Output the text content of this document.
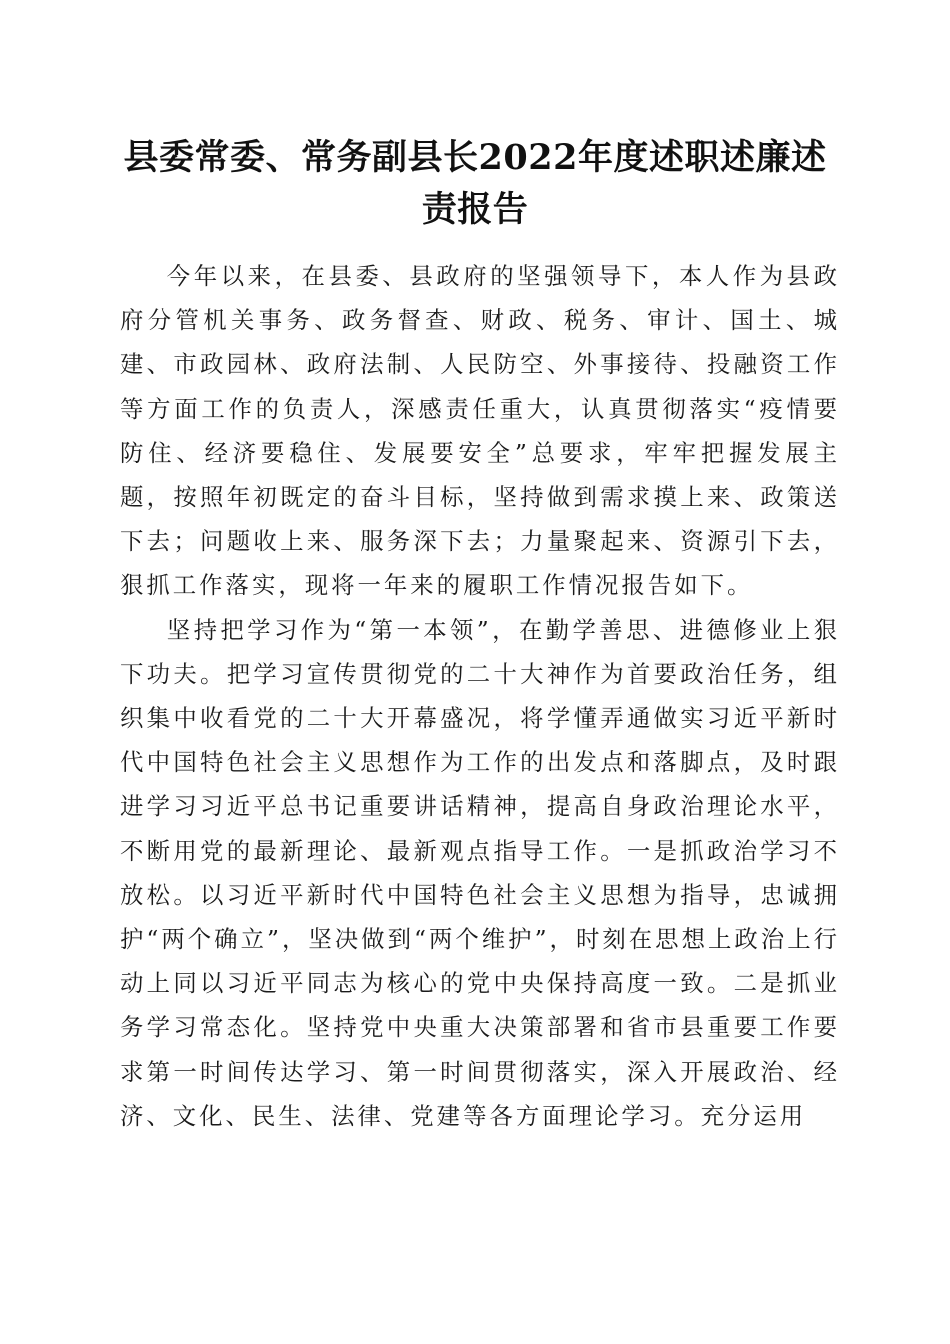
县委常委、常务副县长2022年度述职述廉述
责报告

今年以来，在县委、县政府的坚强领导下，本人作为县政府分管机关事务、政务督查、财政、税务、审计、国土、城建、市政园林、政府法制、人民防空、外事接待、投融资工作等方面工作的负责人，深感责任重大，认真贯彻落实“疫情要防住、经济要稳住、发展要安全”总要求，牢牢把握发展主题，按照年初既定的奋斗目标，坚持做到需求摸上来、政策送下去；问题收上来、服务深下去；力量聚起来、资源引下去，狠抓工作落实，现将一年来的履职工作情况报告如下。

坚持把学习作为“第一本领”，在勤学善思、进德修业上狠下功夫。把学习宣传贯彻党的二十大神作为首要政治任务，组织集中收看党的二十大开幕盛况，将学懂弄通做实习近平新时代中国特色社会主义思想作为工作的出发点和落脚点，及时跟进学习习近平总书记重要讲话精神，提高自身政治理论水平，不断用党的最新理论、最新观点指导工作。一是抓政治学习不放松。以习近平新时代中国特色社会主义思想为指导，忠诚拥护“两个确立”，坚决做到“两个维护”，时刻在思想上政治上行动上同以习近平同志为核心的党中央保持高度一致。二是抓业务学习常态化。坚持党中央重大决策部署和省市县重要工作要求第一时间传达学习、第一时间贯彻落实，深入开展政治、经济、文化、民生、法律、党建等各方面理论学习。充分运用
